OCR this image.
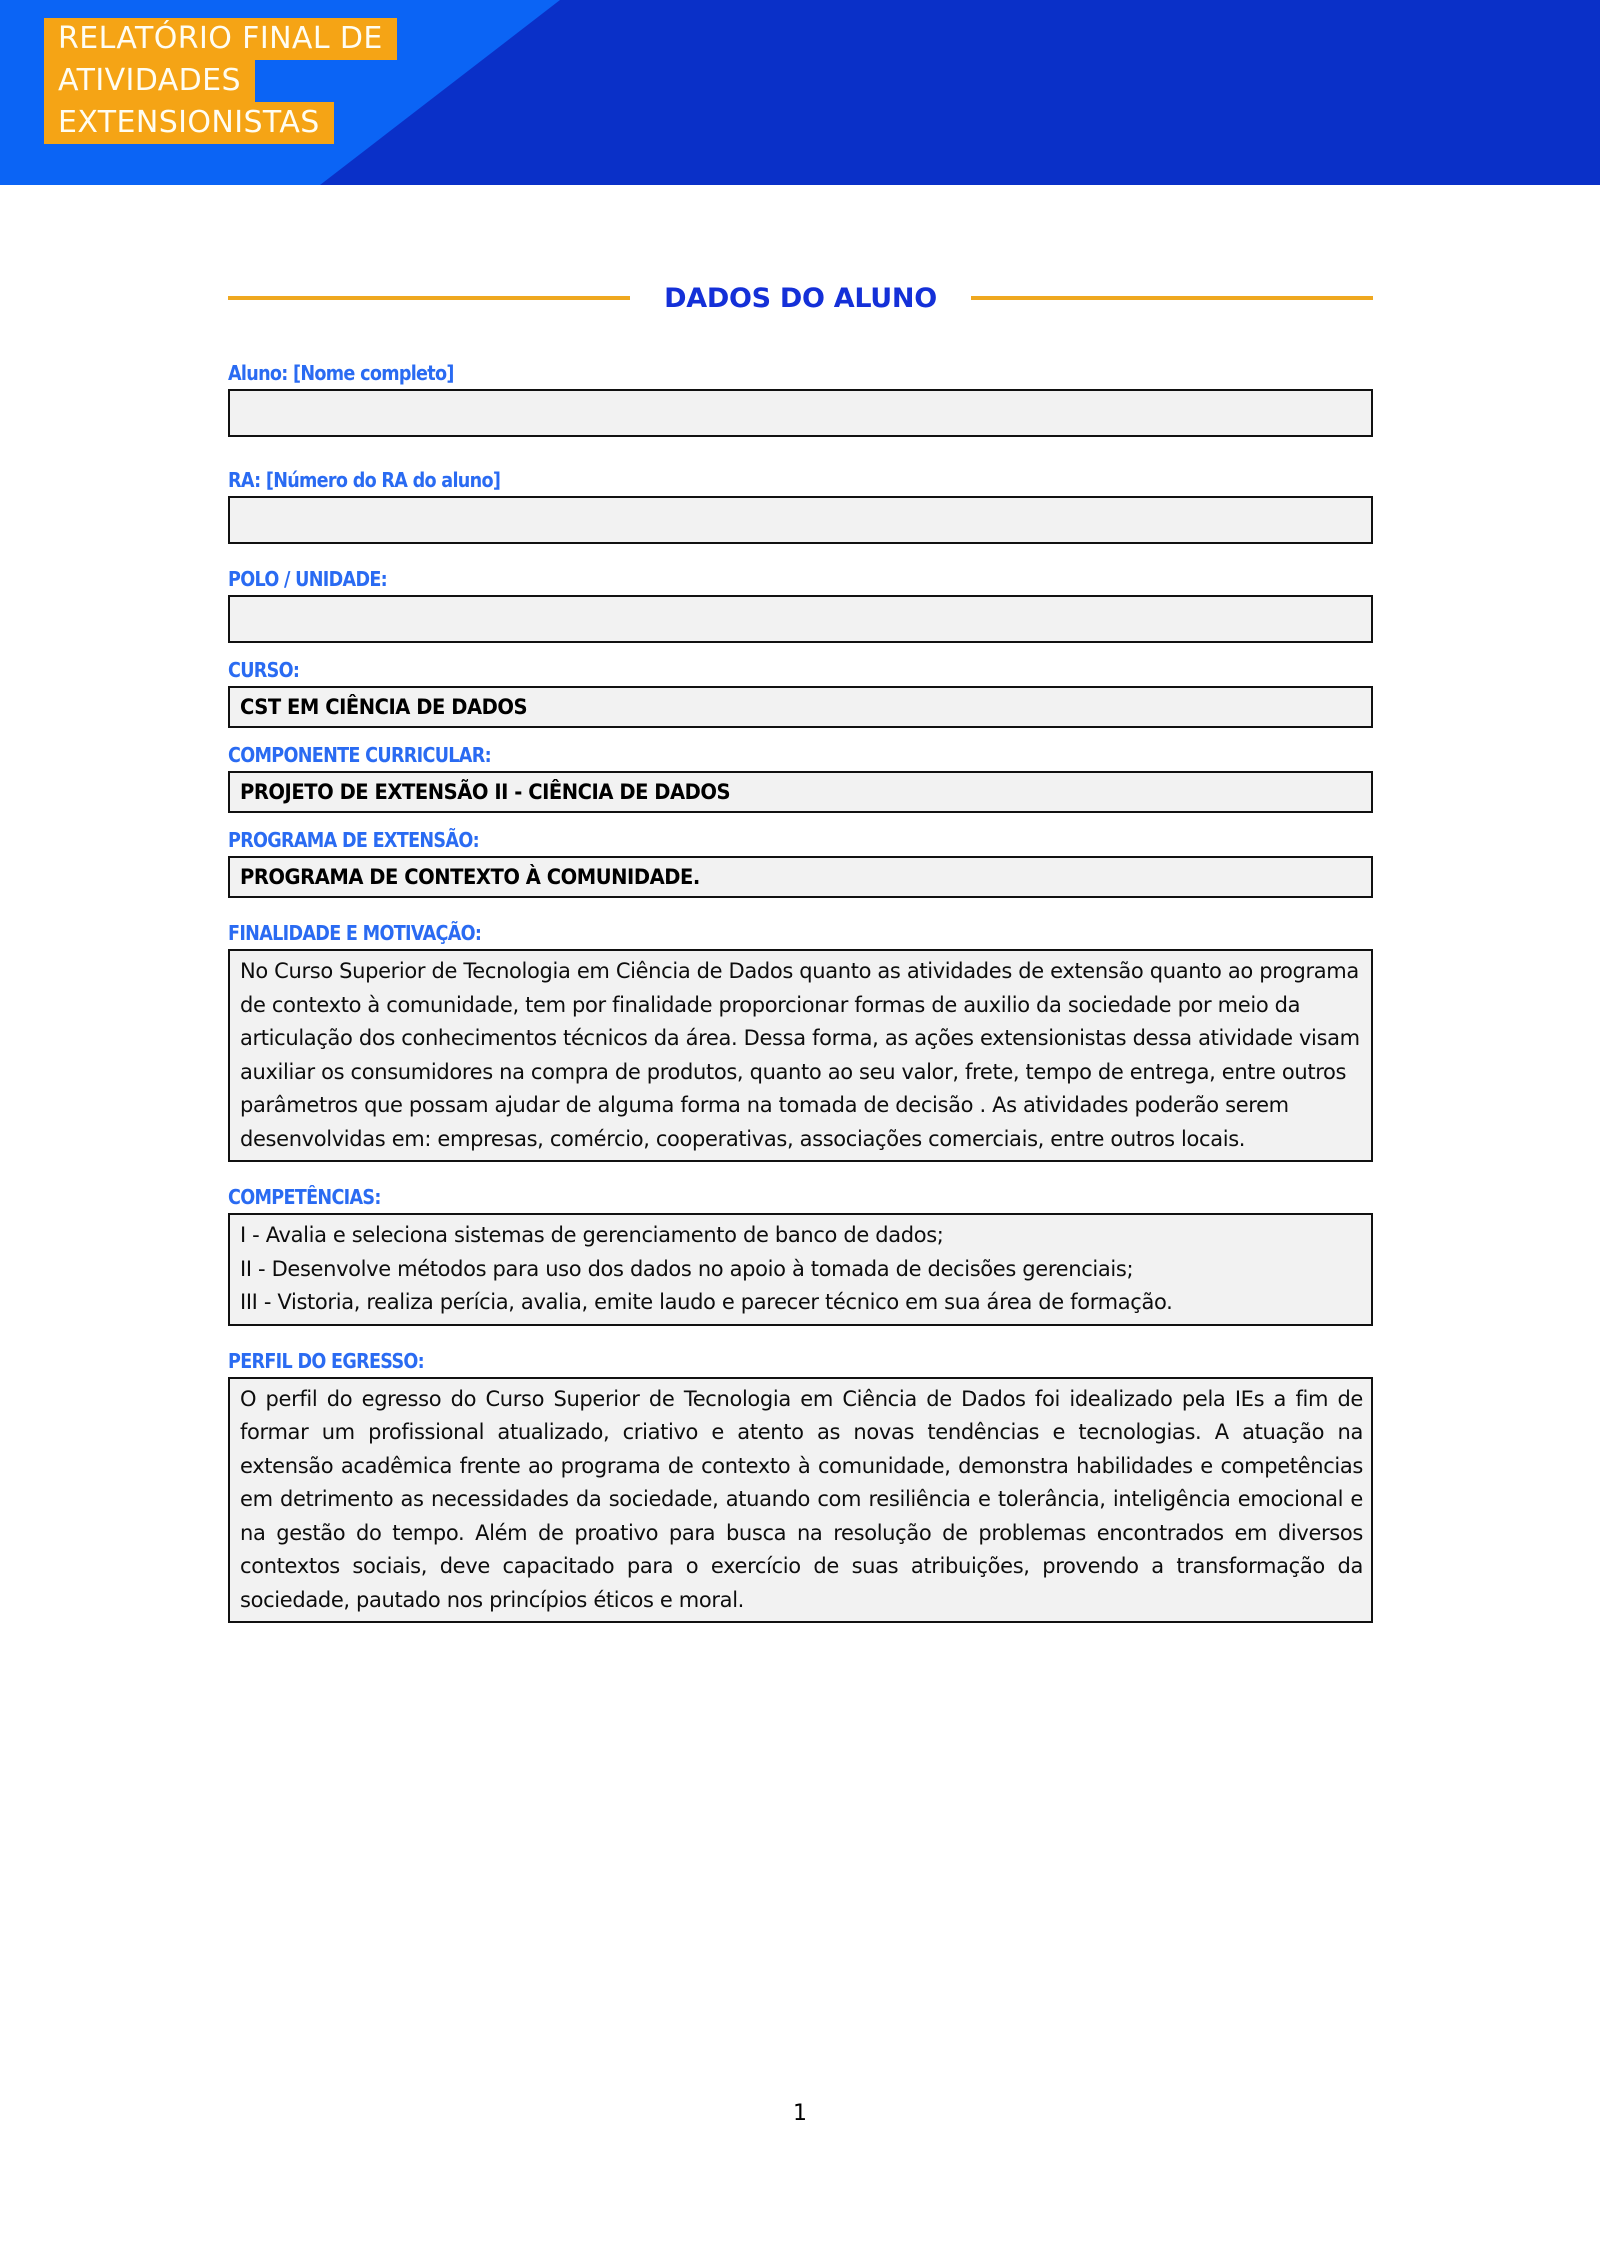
RELATÓRIO FINAL DE
ATIVIDADES
EXTENSIONISTAS
DADOS DO ALUNO
Aluno: [Nome completo]
RA: [Número do RA do aluno]
POLO / UNIDADE:
CURSO:
CST EM CIÊNCIA DE DADOS
COMPONENTE CURRICULAR:
PROJETO DE EXTENSÃO II - CIÊNCIA DE DADOS
PROGRAMA DE EXTENSÃO:
PROGRAMA DE CONTEXTO À COMUNIDADE.
FINALIDADE E MOTIVAÇÃO:
No Curso Superior de Tecnologia em Ciência de Dados quanto as atividades de extensão quanto ao programa de contexto à comunidade, tem por finalidade proporcionar formas de auxilio da sociedade por meio da articulação dos conhecimentos técnicos da área. Dessa forma, as ações extensionistas dessa atividade visam auxiliar os consumidores na compra de produtos, quanto ao seu valor, frete, tempo de entrega, entre outros parâmetros que possam ajudar de alguma forma na tomada de decisão . As atividades poderão serem desenvolvidas em: empresas, comércio, cooperativas, associações comerciais, entre outros locais.
COMPETÊNCIAS:
I - Avalia e seleciona sistemas de gerenciamento de banco de dados;
II - Desenvolve métodos para uso dos dados no apoio à tomada de decisões gerenciais;
III - Vistoria, realiza perícia, avalia, emite laudo e parecer técnico em sua área de formação.
PERFIL DO EGRESSO:
O perfil do egresso do Curso Superior de Tecnologia em Ciência de Dados foi idealizado pela IEs a fim de formar um profissional atualizado, criativo e atento as novas tendências e tecnologias. A atuação na extensão acadêmica frente ao programa de contexto à comunidade, demonstra habilidades e competências em detrimento as necessidades da sociedade, atuando com resiliência e tolerância, inteligência emocional e na gestão do tempo. Além de proativo para busca na resolução de problemas encontrados em diversos contextos sociais, deve capacitado para o exercício de suas atribuições, provendo a transformação da sociedade, pautado nos princípios éticos e moral.
1
